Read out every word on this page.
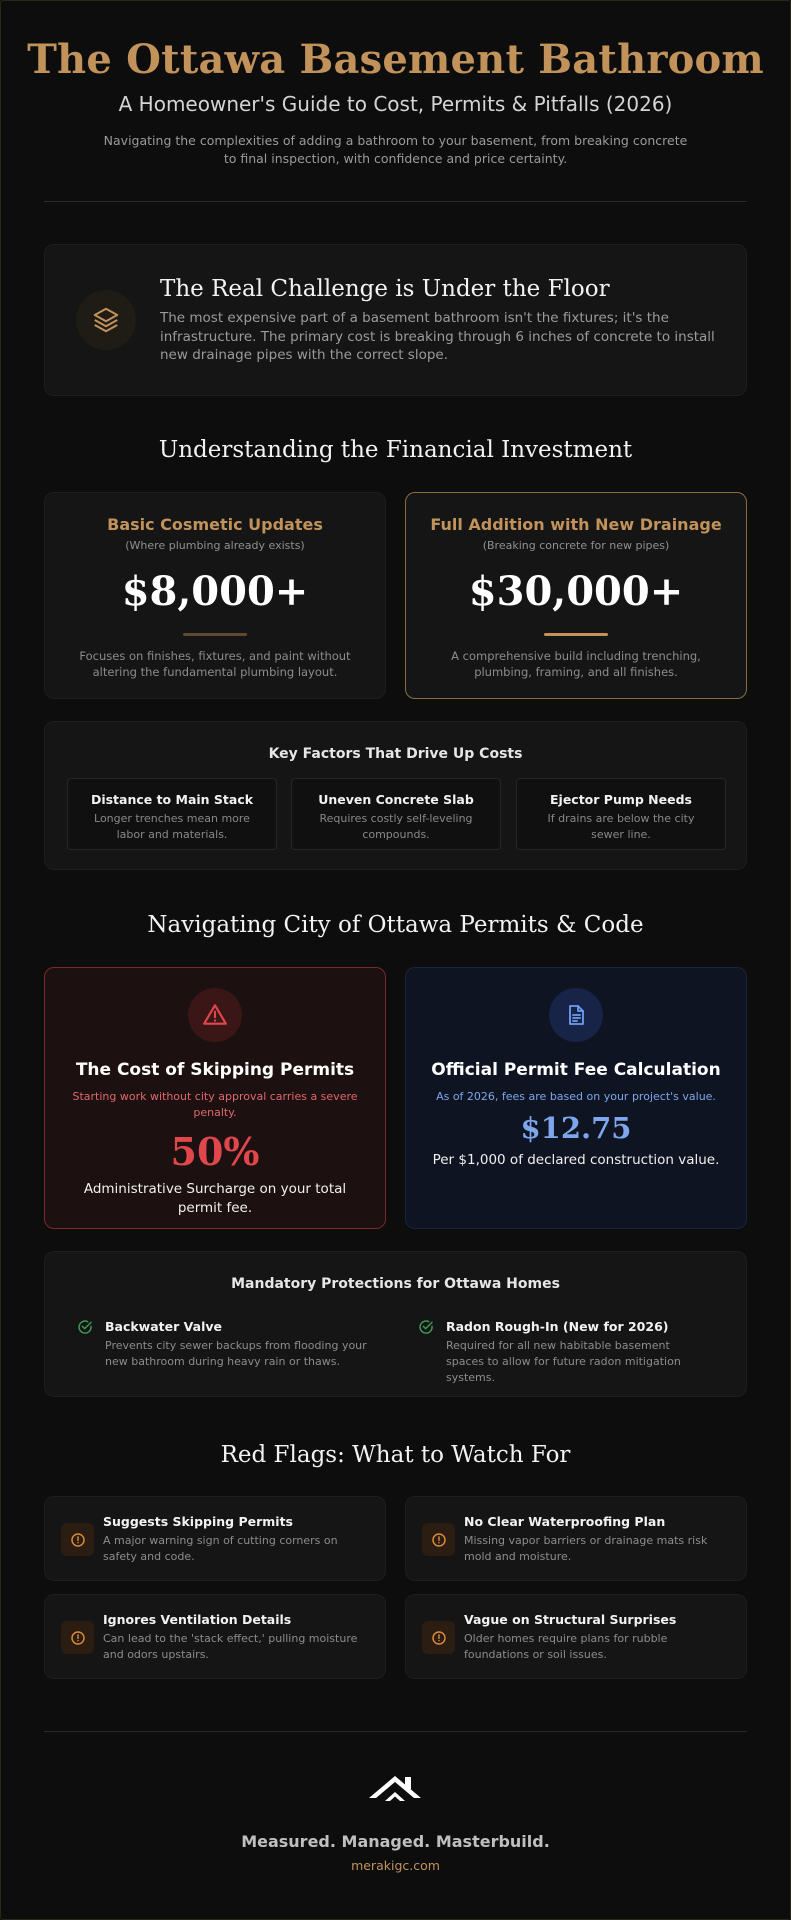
The Ottawa Basement Bathroom
A Homeowner's Guide to Cost, Permits & Pitfalls (2026)
Navigating the complexities of adding a bathroom to your basement, from breaking concrete to final inspection, with confidence and price certainty.
The Real Challenge is Under the Floor
The most expensive part of a basement bathroom isn't the fixtures; it's the infrastructure. The primary cost is breaking through 6 inches of concrete to install new drainage pipes with the correct slope.
Understanding the Financial Investment
Basic Cosmetic Updates
(Where plumbing already exists)
$8,000+
Focuses on finishes, fixtures, and paint without altering the fundamental plumbing layout.
Full Addition with New Drainage
(Breaking concrete for new pipes)
$30,000+
A comprehensive build including trenching, plumbing, framing, and all finishes.
Key Factors That Drive Up Costs
Distance to Main Stack
Longer trenches mean more labor and materials.
Uneven Concrete Slab
Requires costly self-leveling compounds.
Ejector Pump Needs
If drains are below the city sewer line.
Navigating City of Ottawa Permits & Code
The Cost of Skipping Permits
Starting work without city approval carries a severe penalty.
50%
Administrative Surcharge on your total permit fee.
Official Permit Fee Calculation
As of 2026, fees are based on your project's value.
$12.75
Per $1,000 of declared construction value.
Mandatory Protections for Ottawa Homes
Backwater Valve
Prevents city sewer backups from flooding your new bathroom during heavy rain or thaws.
Radon Rough-In (New for 2026)
Required for all new habitable basement spaces to allow for future radon mitigation systems.
Red Flags: What to Watch For
Suggests Skipping Permits
A major warning sign of cutting corners on safety and code.
No Clear Waterproofing Plan
Missing vapor barriers or drainage mats risk mold and moisture.
Ignores Ventilation Details
Can lead to the 'stack effect,' pulling moisture and odors upstairs.
Vague on Structural Surprises
Older homes require plans for rubble foundations or soil issues.
Measured. Managed. Masterbuild.
merakigc.com
